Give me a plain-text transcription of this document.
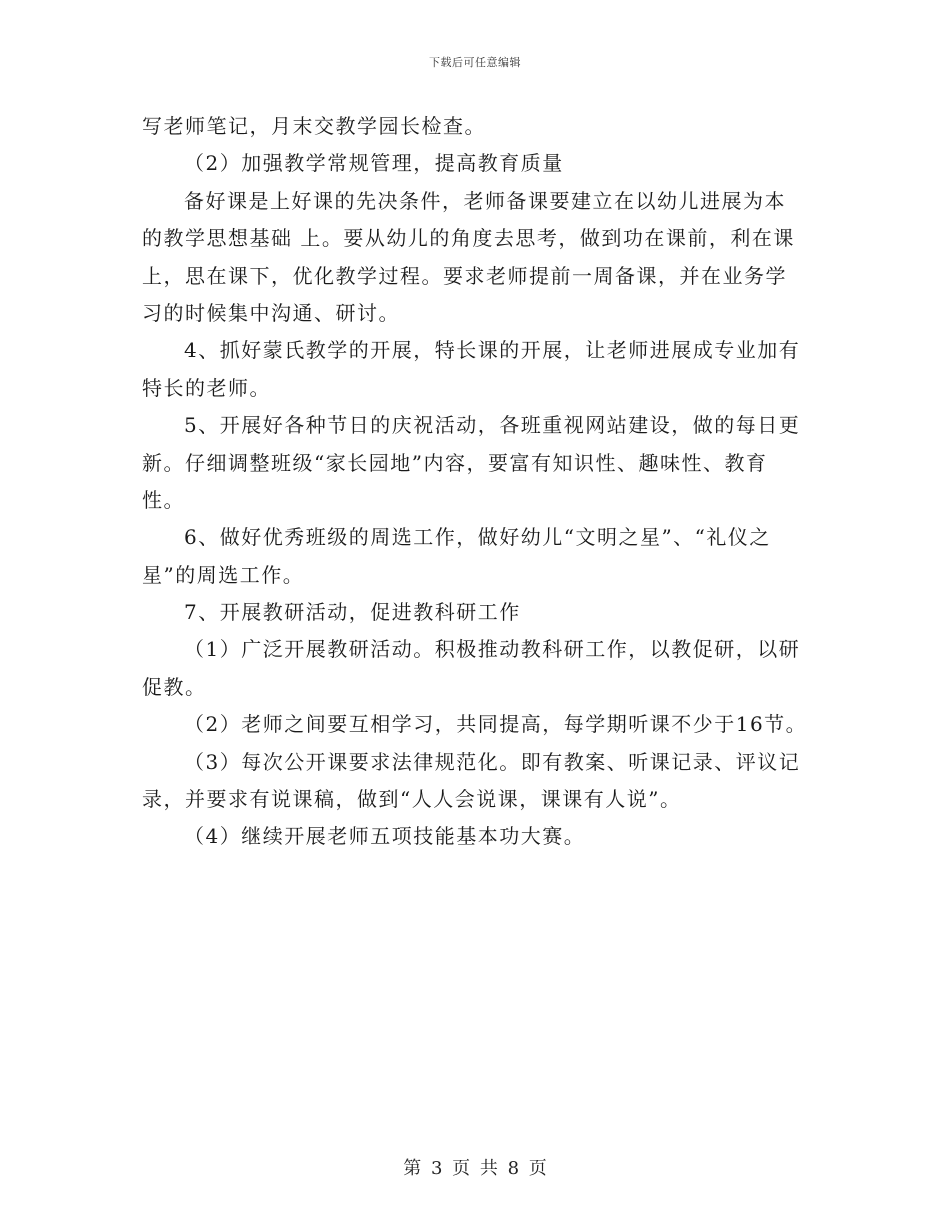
下载后可任意编辑
写老师笔记，月末交教学园长检查。
（2）加强教学常规管理，提高教育质量
备好课是上好课的先决条件，老师备课要建立在以幼儿进展为本
的教学思想基础 上。要从幼儿的角度去思考，做到功在课前，利在课
上，思在课下，优化教学过程。要求老师提前一周备课，并在业务学
习的时候集中沟通、研讨。
4、抓好蒙氏教学的开展，特长课的开展，让老师进展成专业加有
特长的老师。
5、开展好各种节日的庆祝活动，各班重视网站建设，做的每日更
新。仔细调整班级“家长园地”内容，要富有知识性、趣味性、教育
性。
6、做好优秀班级的周选工作，做好幼儿“文明之星”、“礼仪之
星”的周选工作。
7、开展教研活动，促进教科研工作
（1）广泛开展教研活动。积极推动教科研工作，以教促研，以研
促教。
（2）老师之间要互相学习，共同提高，每学期听课不少于16节。
（3）每次公开课要求法律规范化。即有教案、听课记录、评议记
录，并要求有说课稿，做到“人人会说课，课课有人说”。
（4）继续开展老师五项技能基本功大赛。
第 3 页 共 8 页
